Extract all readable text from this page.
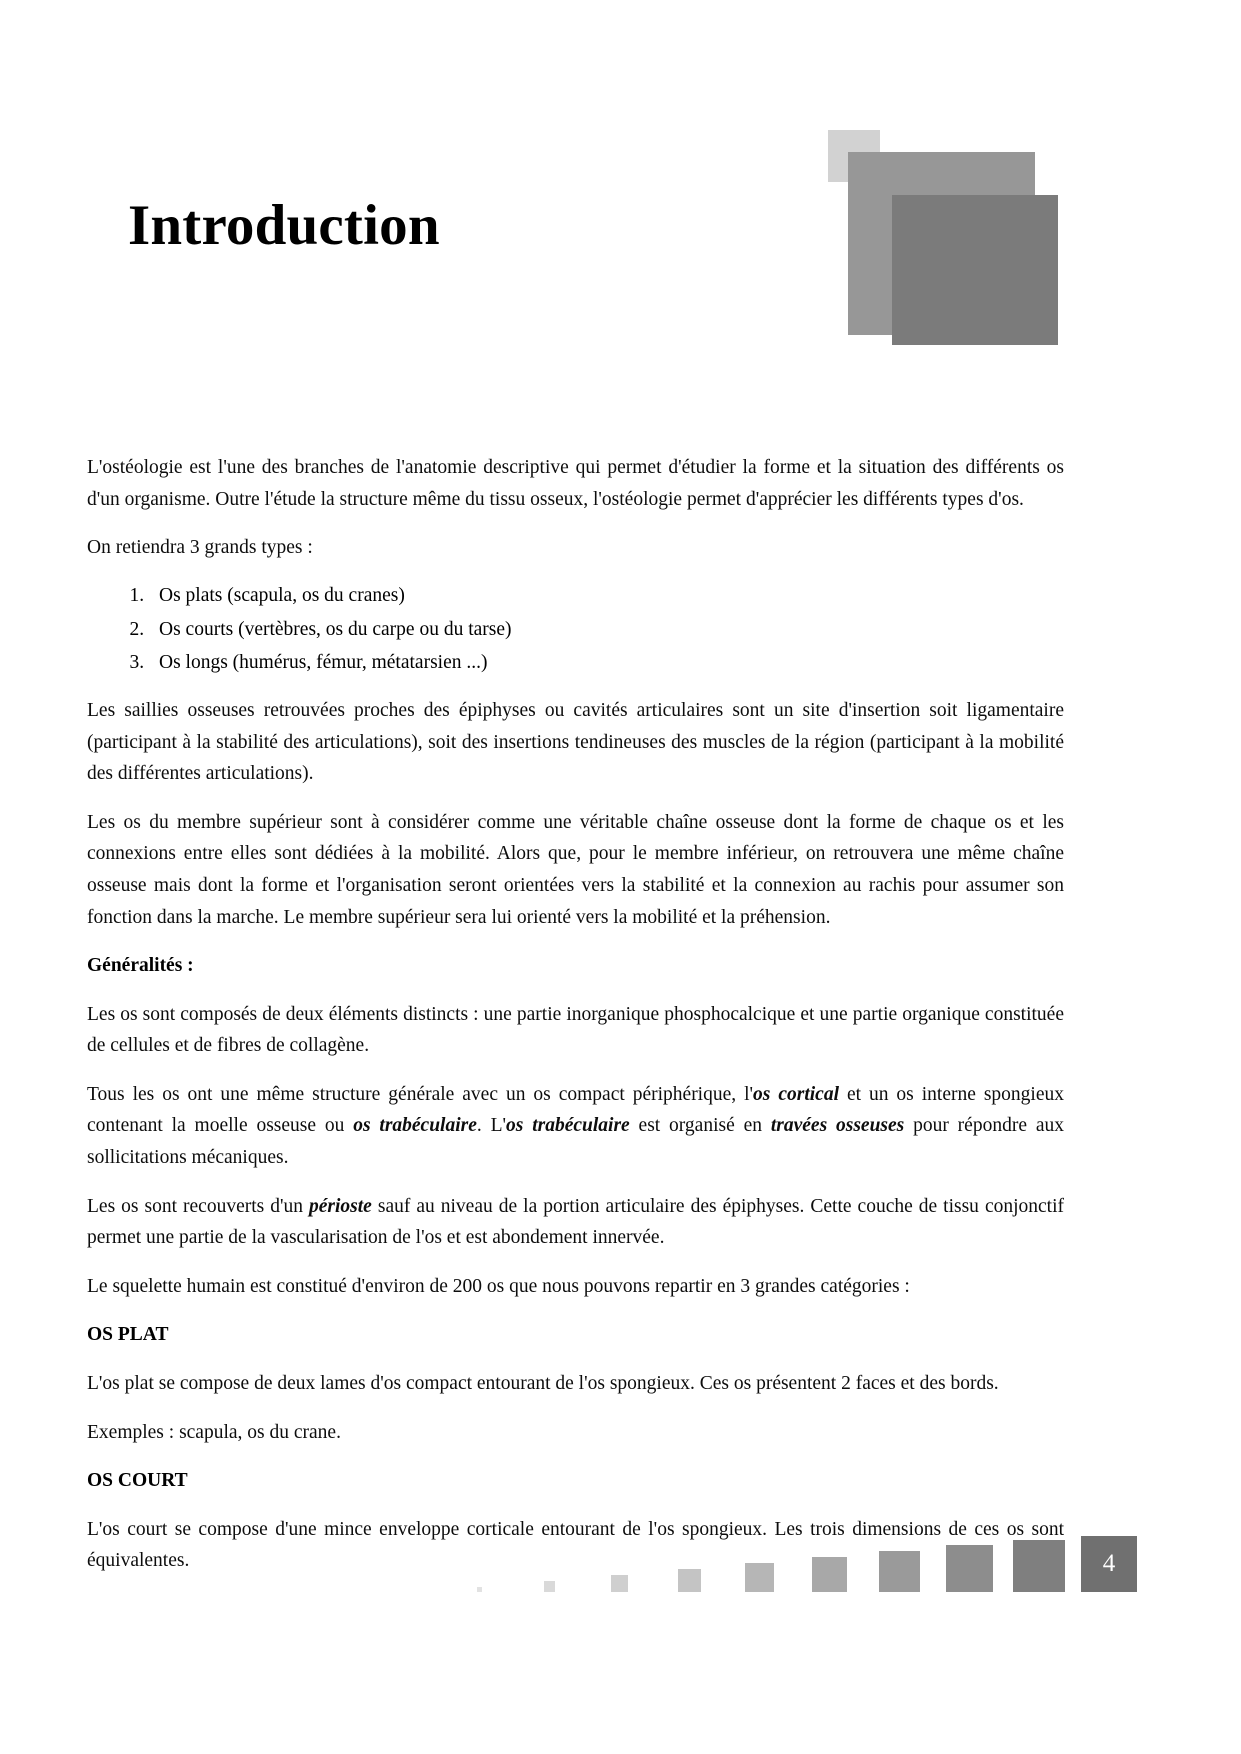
Introduction

L'ostéologie est l'une des branches de l'anatomie descriptive qui permet d'étudier la forme et la situation des différents os d'un organisme. Outre l'étude la structure même du tissu osseux, l'ostéologie permet d'apprécier les différents types d'os.

On retiendra 3 grands types :

1. Os plats (scapula, os du cranes)
2. Os courts (vertèbres, os du carpe ou du tarse)
3. Os longs (humérus, fémur, métatarsien ...)

Les saillies osseuses retrouvées proches des épiphyses ou cavités articulaires sont un site d'insertion soit ligamentaire (participant à la stabilité des articulations), soit des insertions tendineuses des muscles de la région (participant à la mobilité des différentes articulations).

Les os du membre supérieur sont à considérer comme une véritable chaîne osseuse dont la forme de chaque os et les connexions entre elles sont dédiées à la mobilité. Alors que, pour le membre inférieur, on retrouvera une même chaîne osseuse mais dont la forme et l'organisation seront orientées vers la stabilité et la connexion au rachis pour assumer son fonction dans la marche. Le membre supérieur sera lui orienté vers la mobilité et la préhension.

Généralités :

Les os sont composés de deux éléments distincts : une partie inorganique phosphocalcique et une partie organique constituée de cellules et de fibres de collagène.

Tous les os ont une même structure générale avec un os compact périphérique, l'os cortical et un os interne spongieux contenant la moelle osseuse ou os trabéculaire. L'os trabéculaire est organisé en travées osseuses pour répondre aux sollicitations mécaniques.

Les os sont recouverts d'un périoste sauf au niveau de la portion articulaire des épiphyses. Cette couche de tissu conjonctif permet une partie de la vascularisation de l'os et est abondement innervée.

Le squelette humain est constitué d'environ de 200 os que nous pouvons repartir en 3 grandes catégories :

OS PLAT

L'os plat se compose de deux lames d'os compact entourant de l'os spongieux. Ces os présentent 2 faces et des bords.

Exemples : scapula, os du crane.

OS COURT

L'os court se compose d'une mince enveloppe corticale entourant de l'os spongieux. Les trois dimensions de ces os sont équivalentes.	4
